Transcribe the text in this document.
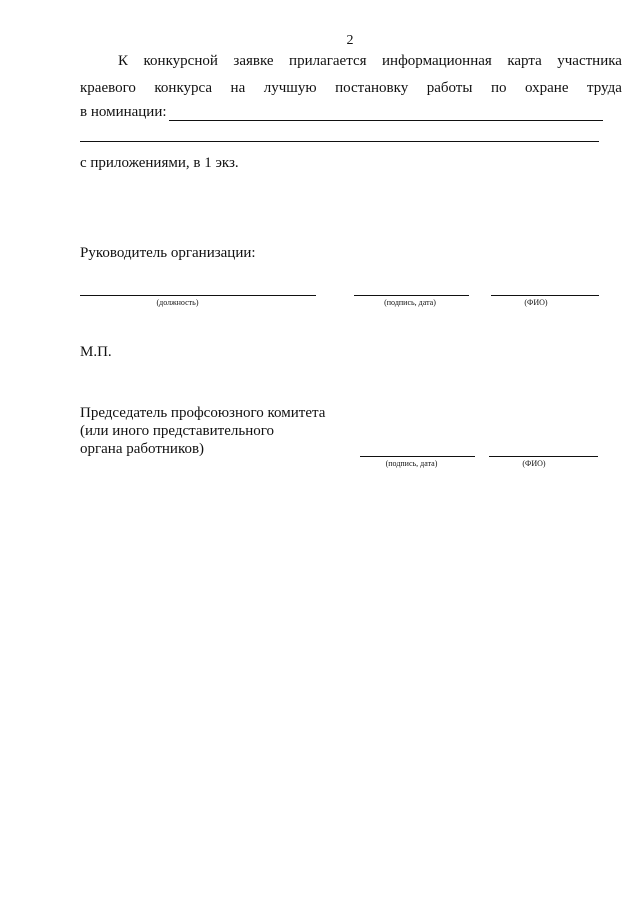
2
К конкурсной заявке прилагается информационная карта участника
краевого конкурса на лучшую постановку работы по охране труда
в номинации:
с приложениями, в 1 экз.
Руководитель организации:
(должность)	(подпись, дата)	(ФИО)
М.П.
Председатель профсоюзного комитета
(или иного представительного
органа работников)
(подпись, дата)	(ФИО)
